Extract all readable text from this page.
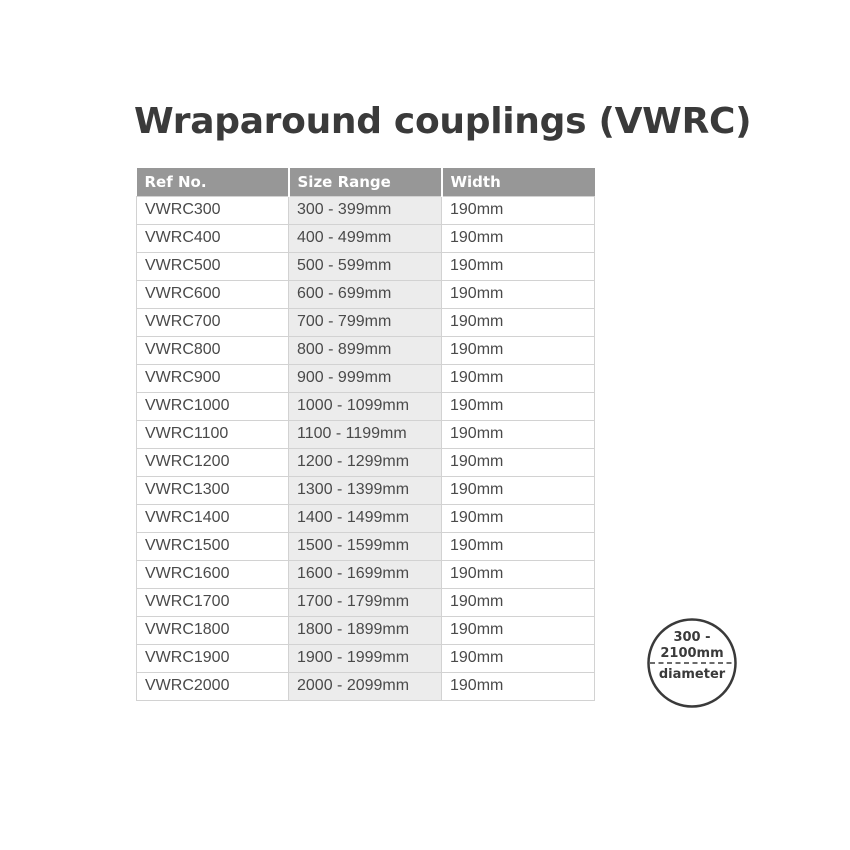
Wraparound couplings (VWRC)
Ref No.	Size Range	Width
VWRC300	300 - 399mm	190mm
VWRC400	400 - 499mm	190mm
VWRC500	500 - 599mm	190mm
VWRC600	600 - 699mm	190mm
VWRC700	700 - 799mm	190mm
VWRC800	800 - 899mm	190mm
VWRC900	900 - 999mm	190mm
VWRC1000	1000 - 1099mm	190mm
VWRC1100	1100 - 1199mm	190mm
VWRC1200	1200 - 1299mm	190mm
VWRC1300	1300 - 1399mm	190mm
VWRC1400	1400 - 1499mm	190mm
VWRC1500	1500 - 1599mm	190mm
VWRC1600	1600 - 1699mm	190mm
VWRC1700	1700 - 1799mm	190mm
VWRC1800	1800 - 1899mm	190mm
VWRC1900	1900 - 1999mm	190mm
VWRC2000	2000 - 2099mm	190mm
300 -
2100mm
diameter
